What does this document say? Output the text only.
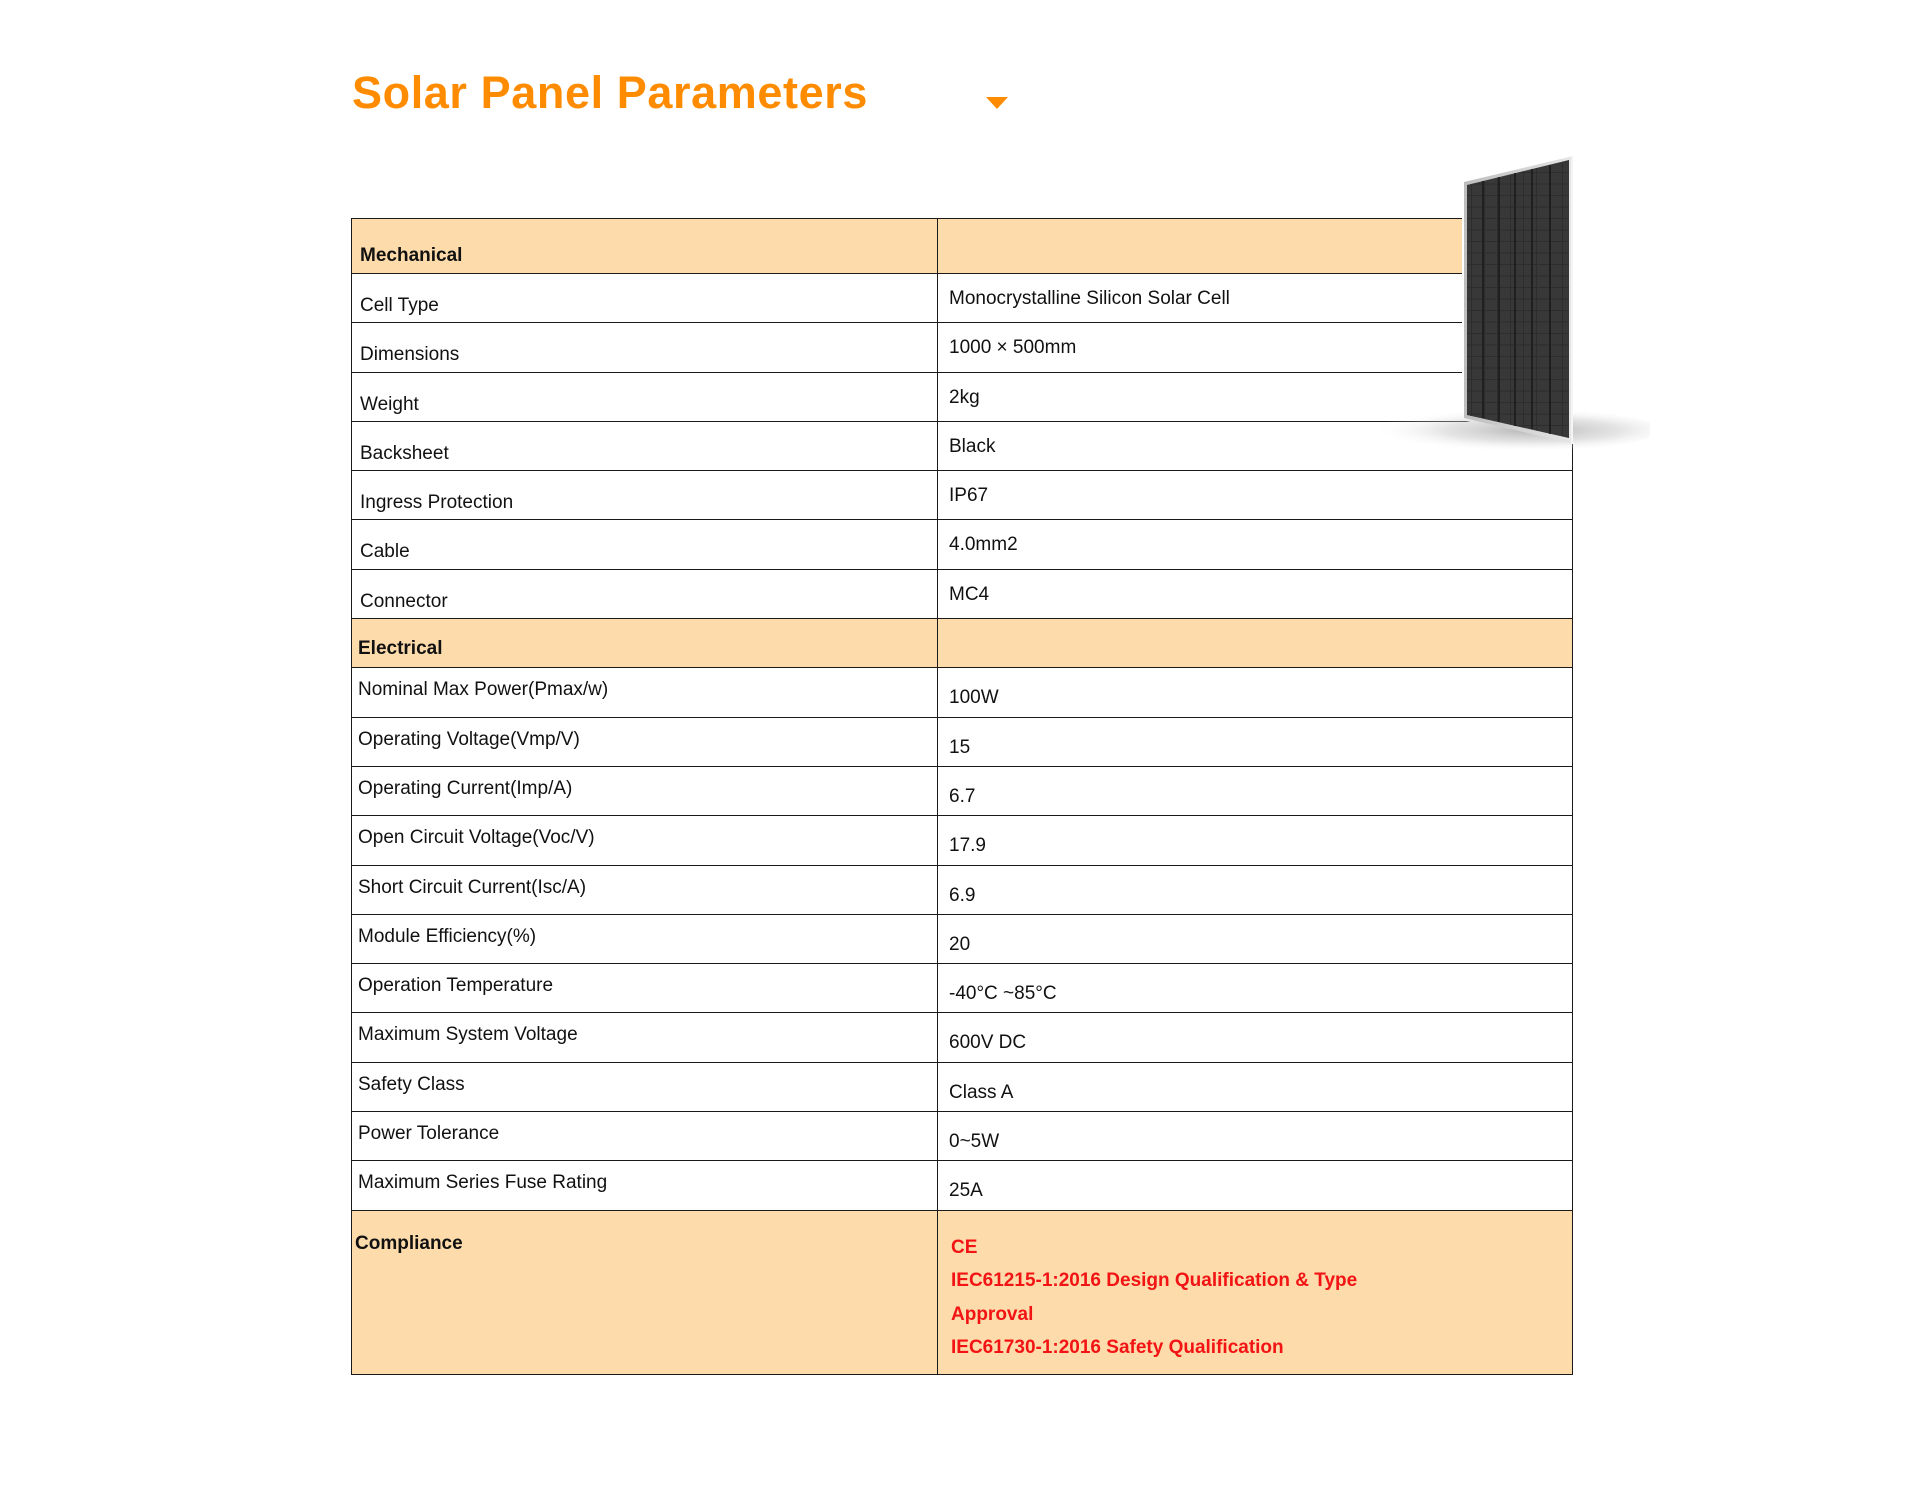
Solar Panel Parameters
Mechanical	

Cell Type	Monocrystalline Silicon Solar Cell

Dimensions	1000 × 500mm

Weight	2kg

Backsheet	Black

Ingress Protection	IP67

Cable	4.0mm2

Connector	MC4

Electrical	

Nominal Max Power(Pmax/w)	100W

Operating Voltage(Vmp/V)	15

Operating Current(Imp/A)	6.7

Open Circuit Voltage(Voc/V)	17.9

Short Circuit Current(Isc/A)	6.9

Module Efficiency(%)	20

Operation Temperature	-40°C ~85°C

Maximum System Voltage	600V DC

Safety Class	Class A

Power Tolerance	0~5W

Maximum Series Fuse Rating	25A

Compliance	CE
IEC61215-1:2016 Design Qualification & Type Approval
IEC61730-1:2016 Safety Qualification
